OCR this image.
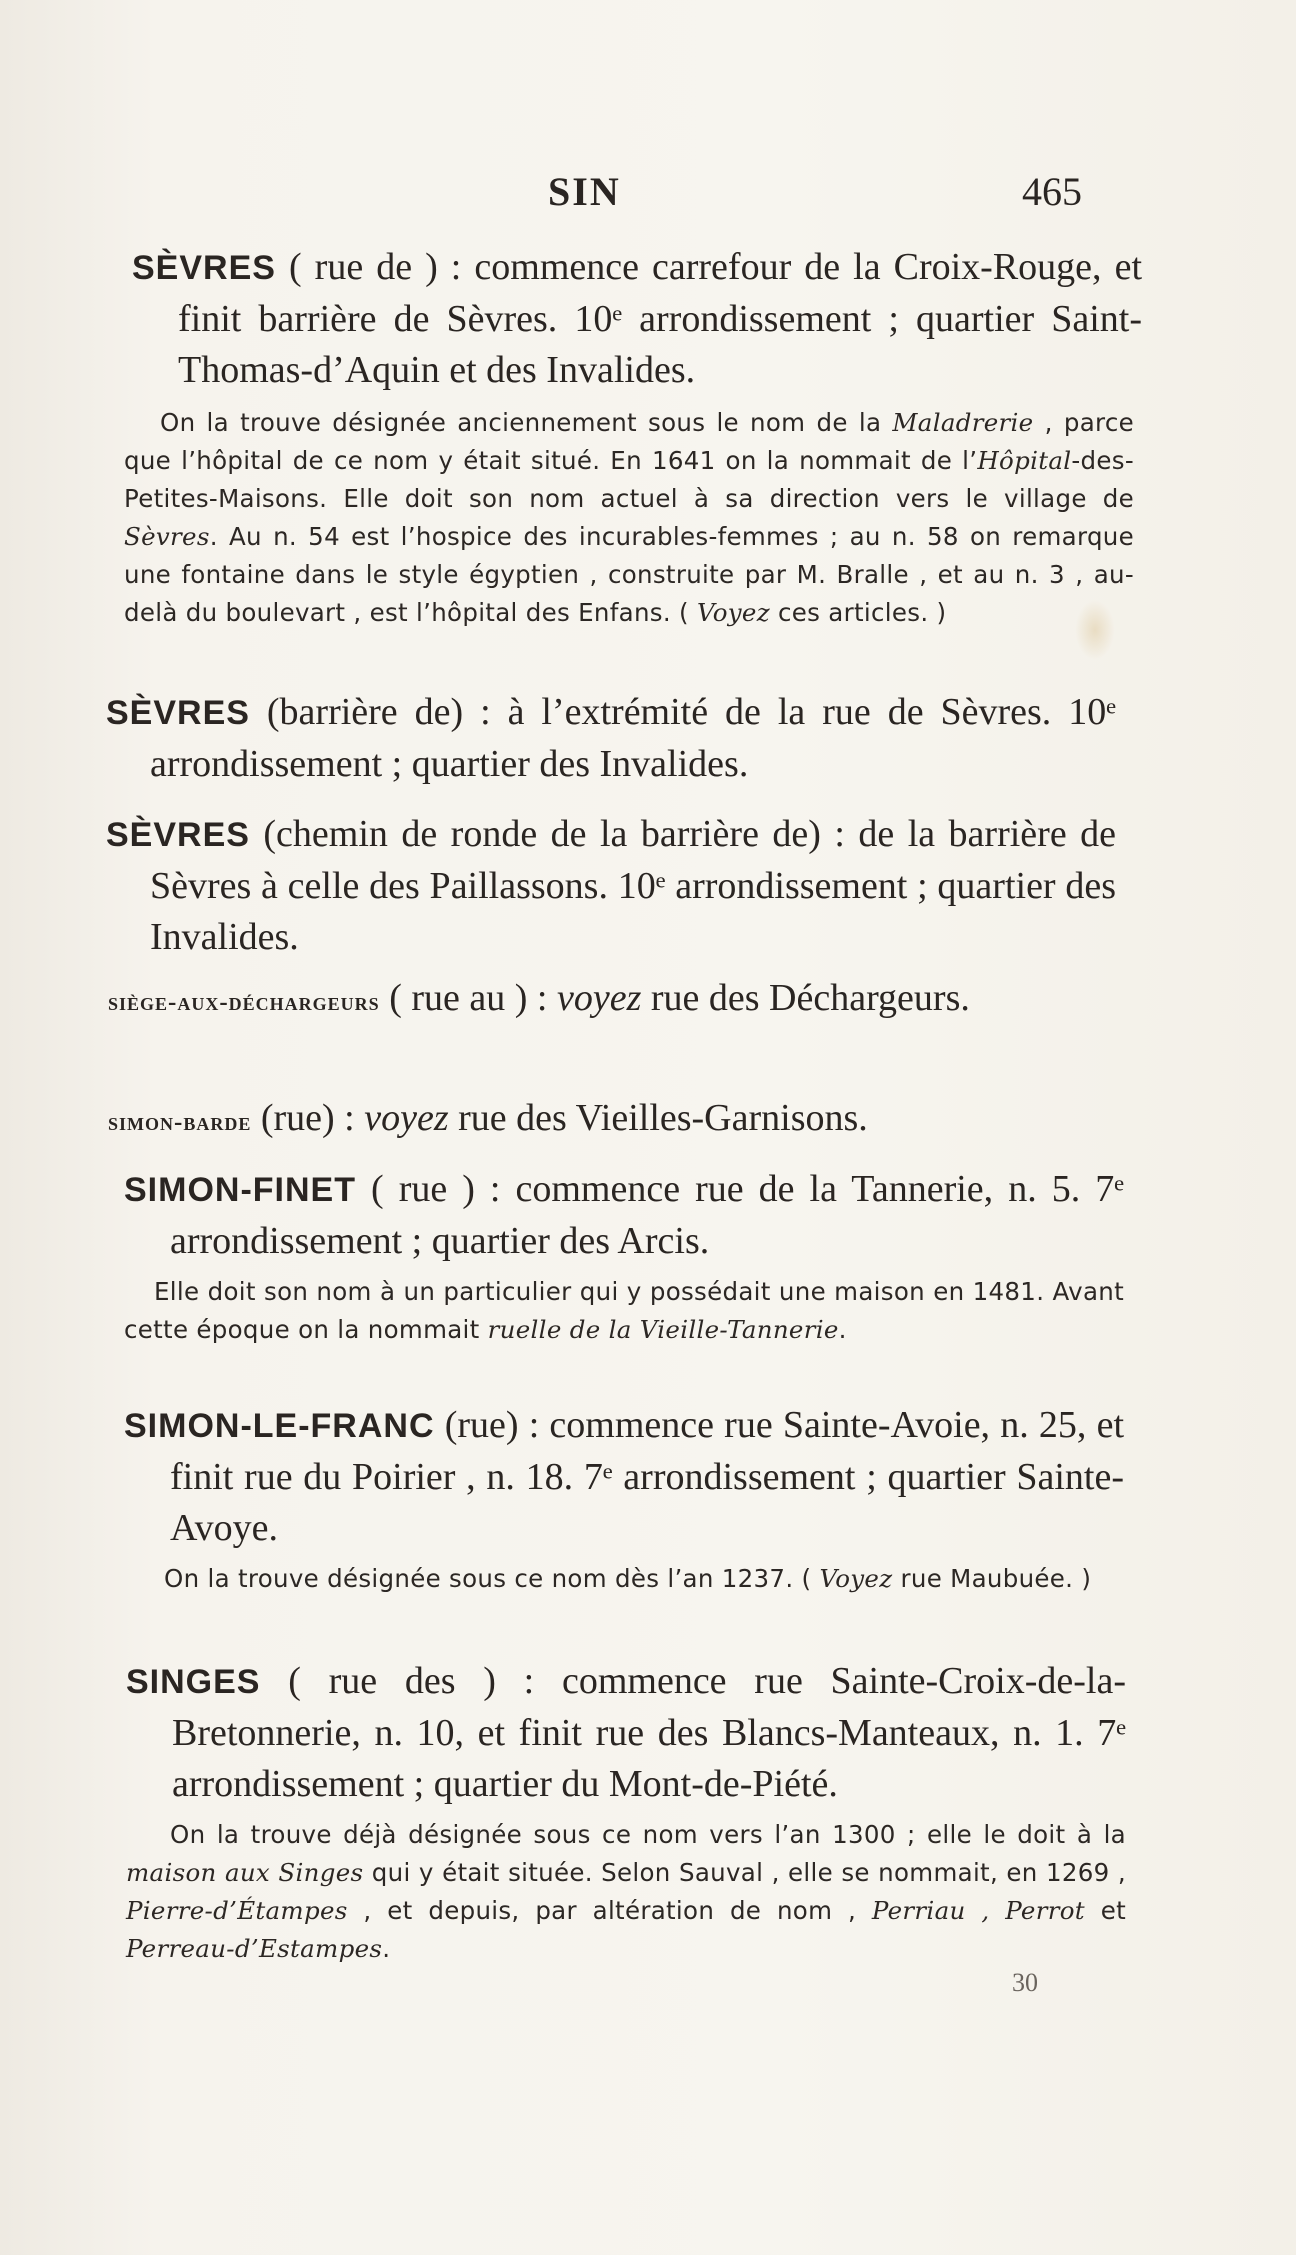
SIN	465
SÈVRES ( rue de ) : commence carrefour de la Croix-Rouge, et finit barrière de Sèvres. 10ᵉ arrondissement ; quartier Saint-Thomas-d’Aquin et des Invalides.
On la trouve désignée anciennement sous le nom de la Maladrerie , parce que l’hôpital de ce nom y était situé. En 1641 on la nommait de l’Hôpital-des-Petites-Maisons. Elle doit son nom actuel à sa direction vers le village de Sèvres. Au n. 54 est l’hospice des incurables-femmes ; au n. 58 on remarque une fontaine dans le style égyptien , construite par M. Bralle , et au n. 3 , au-delà du boulevart , est l’hôpital des Enfans. ( Voyez ces articles. )
SÈVRES (barrière de) : à l’extrémité de la rue de Sèvres. 10ᵉ arrondissement ; quartier des Invalides.
SÈVRES (chemin de ronde de la barrière de) : de la barrière de Sèvres à celle des Paillassons. 10ᵉ arrondissement ; quartier des Invalides.
siège-aux-déchargeurs ( rue au ) : voyez rue des Déchargeurs.
simon-barde (rue) : voyez rue des Vieilles-Garnisons.
SIMON-FINET ( rue ) : commence rue de la Tannerie, n. 5. 7ᵉ arrondissement ; quartier des Arcis.
Elle doit son nom à un particulier qui y possédait une maison en 1481. Avant cette époque on la nommait ruelle de la Vieille-Tannerie.
SIMON-LE-FRANC (rue) : commence rue Sainte-Avoie, n. 25, et finit rue du Poirier , n. 18. 7ᵉ arrondissement ; quartier Sainte-Avoye.
On la trouve désignée sous ce nom dès l’an 1237. ( Voyez rue Maubuée. )
SINGES ( rue des ) : commence rue Sainte-Croix-de-la-Bretonnerie, n. 10, et finit rue des Blancs-Manteaux, n. 1. 7ᵉ arrondissement ; quartier du Mont-de-Piété.
On la trouve déjà désignée sous ce nom vers l’an 1300 ; elle le doit à la maison aux Singes qui y était située. Selon Sauval , elle se nommait, en 1269 , Pierre-d’Étampes , et depuis, par altération de nom , Perriau , Perrot et Perreau-d’Estampes.
30
